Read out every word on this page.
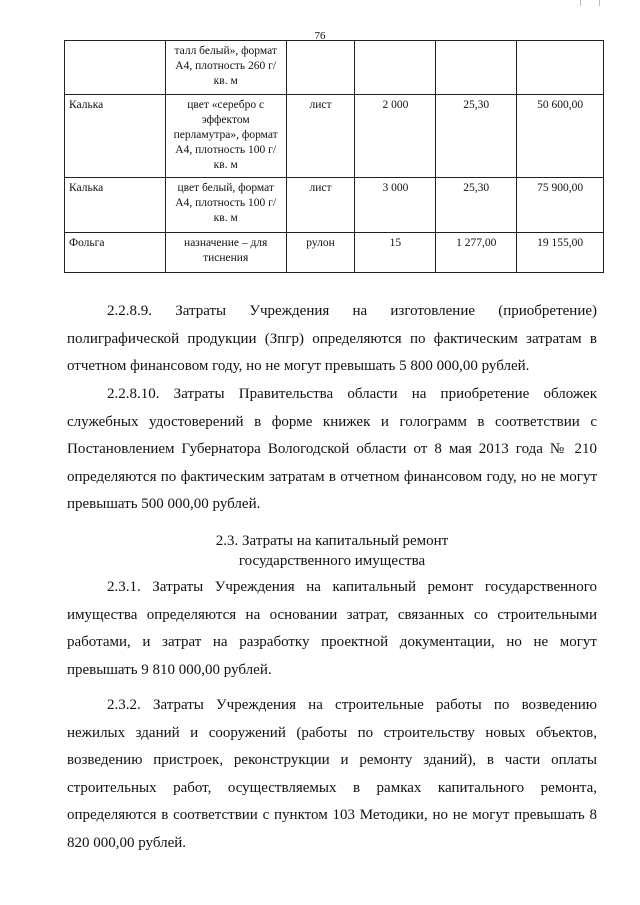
76
	талл белый», формат А4, плотность 260 г/кв. м				
Калька	цвет «серебро с эффектом перламутра», формат А4, плотность 100 г/кв. м	лист	2 000	25,30	50 600,00
Калька	цвет белый, формат А4, плотность 100 г/кв. м	лист	3 000	25,30	75 900,00
Фольга	назначение – для тиснения	рулон	15	1 277,00	19 155,00

2.2.8.9. Затраты Учреждения на изготовление (приобретение) полиграфической продукции (Зпгр) определяются по фактическим затратам в отчетном финансовом году, но не могут превышать 5 800 000,00 рублей.

2.2.8.10. Затраты Правительства области на приобретение обложек служебных удостоверений в форме книжек и голограмм в соответствии с Постановлением Губернатора Вологодской области от 8 мая 2013 года № 210 определяются по фактическим затратам в отчетном финансовом году, но не могут превышать 500 000,00 рублей.

2.3. Затраты на капитальный ремонт
государственного имущества

2.3.1. Затраты Учреждения на капитальный ремонт государственного имущества определяются на основании затрат, связанных со строительными работами, и затрат на разработку проектной документации, но не могут превышать 9 810 000,00 рублей.

2.3.2. Затраты Учреждения на строительные работы по возведению нежилых зданий и сооружений (работы по строительству новых объектов, возведению пристроек, реконструкции и ремонту зданий), в части оплаты строительных работ, осуществляемых в рамках капитального ремонта, определяются в соответствии с пунктом 103 Методики, но не могут превышать 8 820 000,00 рублей.
